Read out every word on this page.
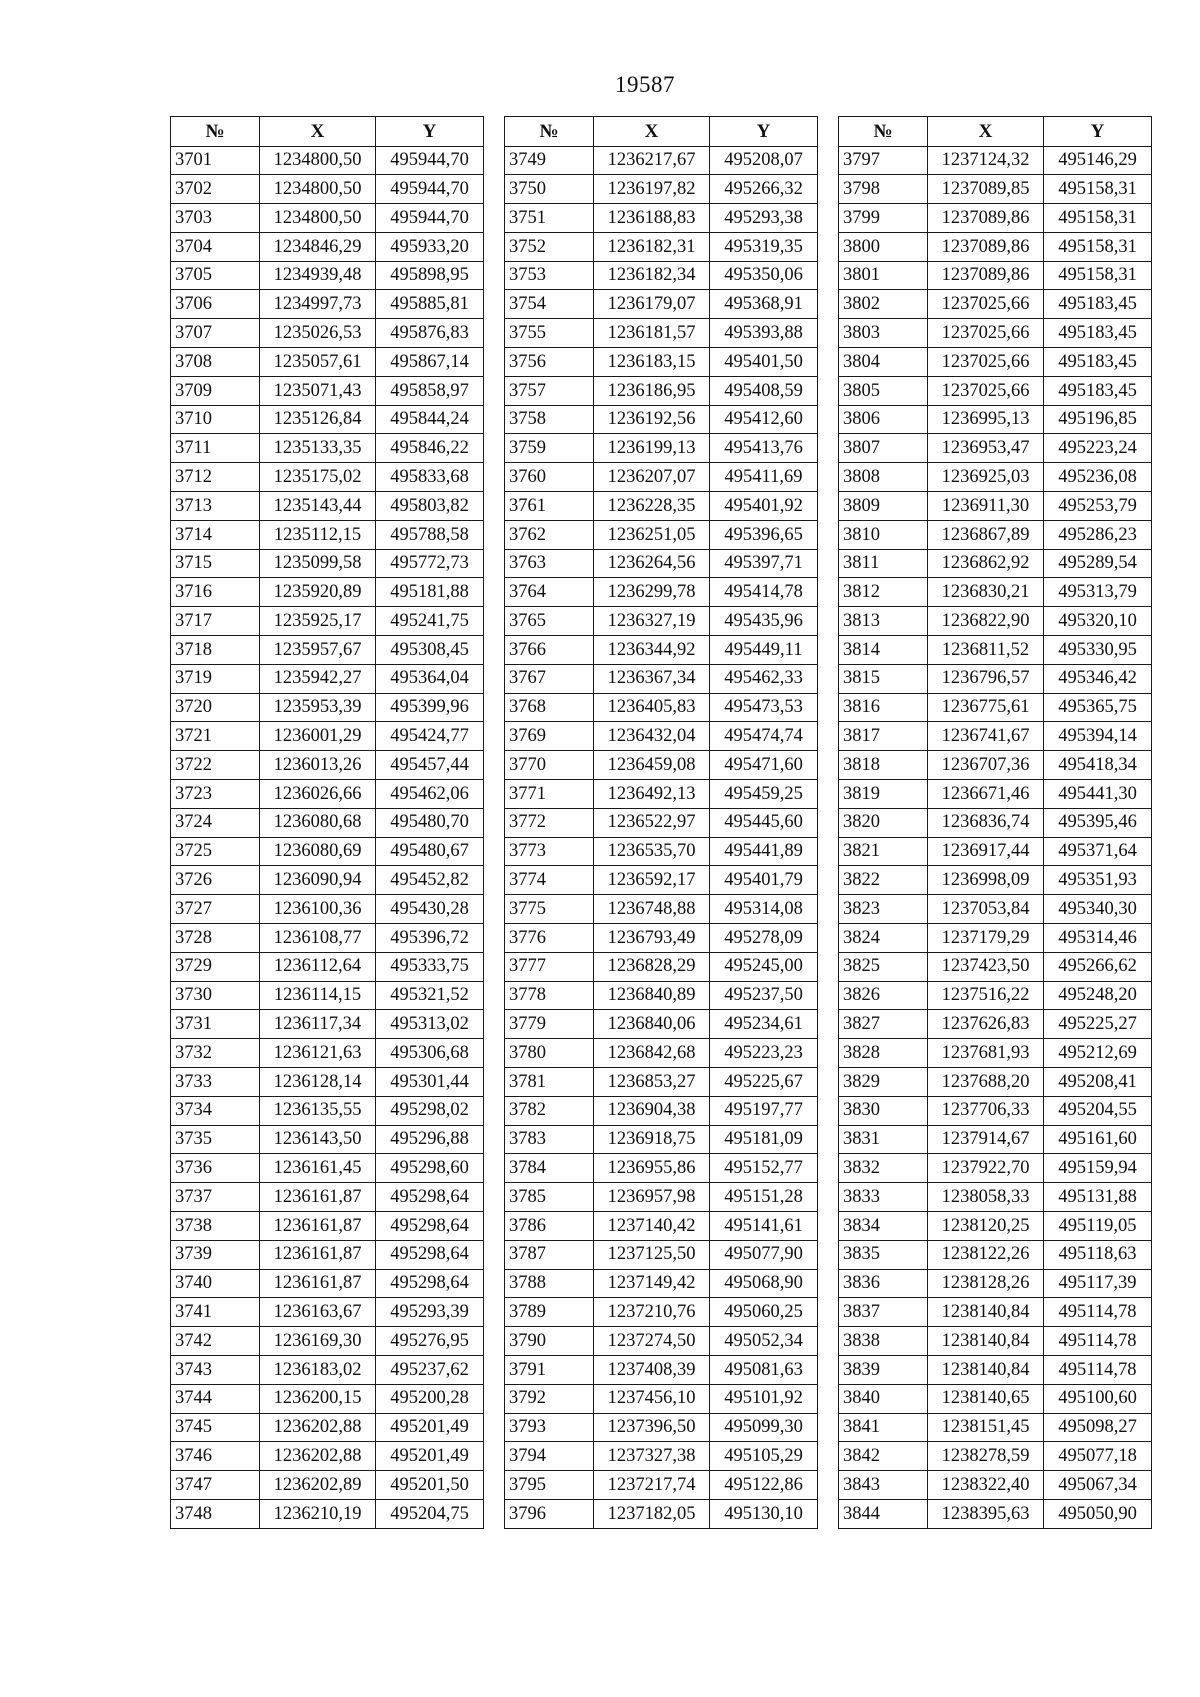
19587
№	X	Y
3701	1234800,50	495944,70
3702	1234800,50	495944,70
3703	1234800,50	495944,70
3704	1234846,29	495933,20
3705	1234939,48	495898,95
3706	1234997,73	495885,81
3707	1235026,53	495876,83
3708	1235057,61	495867,14
3709	1235071,43	495858,97
3710	1235126,84	495844,24
3711	1235133,35	495846,22
3712	1235175,02	495833,68
3713	1235143,44	495803,82
3714	1235112,15	495788,58
3715	1235099,58	495772,73
3716	1235920,89	495181,88
3717	1235925,17	495241,75
3718	1235957,67	495308,45
3719	1235942,27	495364,04
3720	1235953,39	495399,96
3721	1236001,29	495424,77
3722	1236013,26	495457,44
3723	1236026,66	495462,06
3724	1236080,68	495480,70
3725	1236080,69	495480,67
3726	1236090,94	495452,82
3727	1236100,36	495430,28
3728	1236108,77	495396,72
3729	1236112,64	495333,75
3730	1236114,15	495321,52
3731	1236117,34	495313,02
3732	1236121,63	495306,68
3733	1236128,14	495301,44
3734	1236135,55	495298,02
3735	1236143,50	495296,88
3736	1236161,45	495298,60
3737	1236161,87	495298,64
3738	1236161,87	495298,64
3739	1236161,87	495298,64
3740	1236161,87	495298,64
3741	1236163,67	495293,39
3742	1236169,30	495276,95
3743	1236183,02	495237,62
3744	1236200,15	495200,28
3745	1236202,88	495201,49
3746	1236202,88	495201,49
3747	1236202,89	495201,50
3748	1236210,19	495204,75
№	X	Y
3749	1236217,67	495208,07
3750	1236197,82	495266,32
3751	1236188,83	495293,38
3752	1236182,31	495319,35
3753	1236182,34	495350,06
3754	1236179,07	495368,91
3755	1236181,57	495393,88
3756	1236183,15	495401,50
3757	1236186,95	495408,59
3758	1236192,56	495412,60
3759	1236199,13	495413,76
3760	1236207,07	495411,69
3761	1236228,35	495401,92
3762	1236251,05	495396,65
3763	1236264,56	495397,71
3764	1236299,78	495414,78
3765	1236327,19	495435,96
3766	1236344,92	495449,11
3767	1236367,34	495462,33
3768	1236405,83	495473,53
3769	1236432,04	495474,74
3770	1236459,08	495471,60
3771	1236492,13	495459,25
3772	1236522,97	495445,60
3773	1236535,70	495441,89
3774	1236592,17	495401,79
3775	1236748,88	495314,08
3776	1236793,49	495278,09
3777	1236828,29	495245,00
3778	1236840,89	495237,50
3779	1236840,06	495234,61
3780	1236842,68	495223,23
3781	1236853,27	495225,67
3782	1236904,38	495197,77
3783	1236918,75	495181,09
3784	1236955,86	495152,77
3785	1236957,98	495151,28
3786	1237140,42	495141,61
3787	1237125,50	495077,90
3788	1237149,42	495068,90
3789	1237210,76	495060,25
3790	1237274,50	495052,34
3791	1237408,39	495081,63
3792	1237456,10	495101,92
3793	1237396,50	495099,30
3794	1237327,38	495105,29
3795	1237217,74	495122,86
3796	1237182,05	495130,10
№	X	Y
3797	1237124,32	495146,29
3798	1237089,85	495158,31
3799	1237089,86	495158,31
3800	1237089,86	495158,31
3801	1237089,86	495158,31
3802	1237025,66	495183,45
3803	1237025,66	495183,45
3804	1237025,66	495183,45
3805	1237025,66	495183,45
3806	1236995,13	495196,85
3807	1236953,47	495223,24
3808	1236925,03	495236,08
3809	1236911,30	495253,79
3810	1236867,89	495286,23
3811	1236862,92	495289,54
3812	1236830,21	495313,79
3813	1236822,90	495320,10
3814	1236811,52	495330,95
3815	1236796,57	495346,42
3816	1236775,61	495365,75
3817	1236741,67	495394,14
3818	1236707,36	495418,34
3819	1236671,46	495441,30
3820	1236836,74	495395,46
3821	1236917,44	495371,64
3822	1236998,09	495351,93
3823	1237053,84	495340,30
3824	1237179,29	495314,46
3825	1237423,50	495266,62
3826	1237516,22	495248,20
3827	1237626,83	495225,27
3828	1237681,93	495212,69
3829	1237688,20	495208,41
3830	1237706,33	495204,55
3831	1237914,67	495161,60
3832	1237922,70	495159,94
3833	1238058,33	495131,88
3834	1238120,25	495119,05
3835	1238122,26	495118,63
3836	1238128,26	495117,39
3837	1238140,84	495114,78
3838	1238140,84	495114,78
3839	1238140,84	495114,78
3840	1238140,65	495100,60
3841	1238151,45	495098,27
3842	1238278,59	495077,18
3843	1238322,40	495067,34
3844	1238395,63	495050,90
